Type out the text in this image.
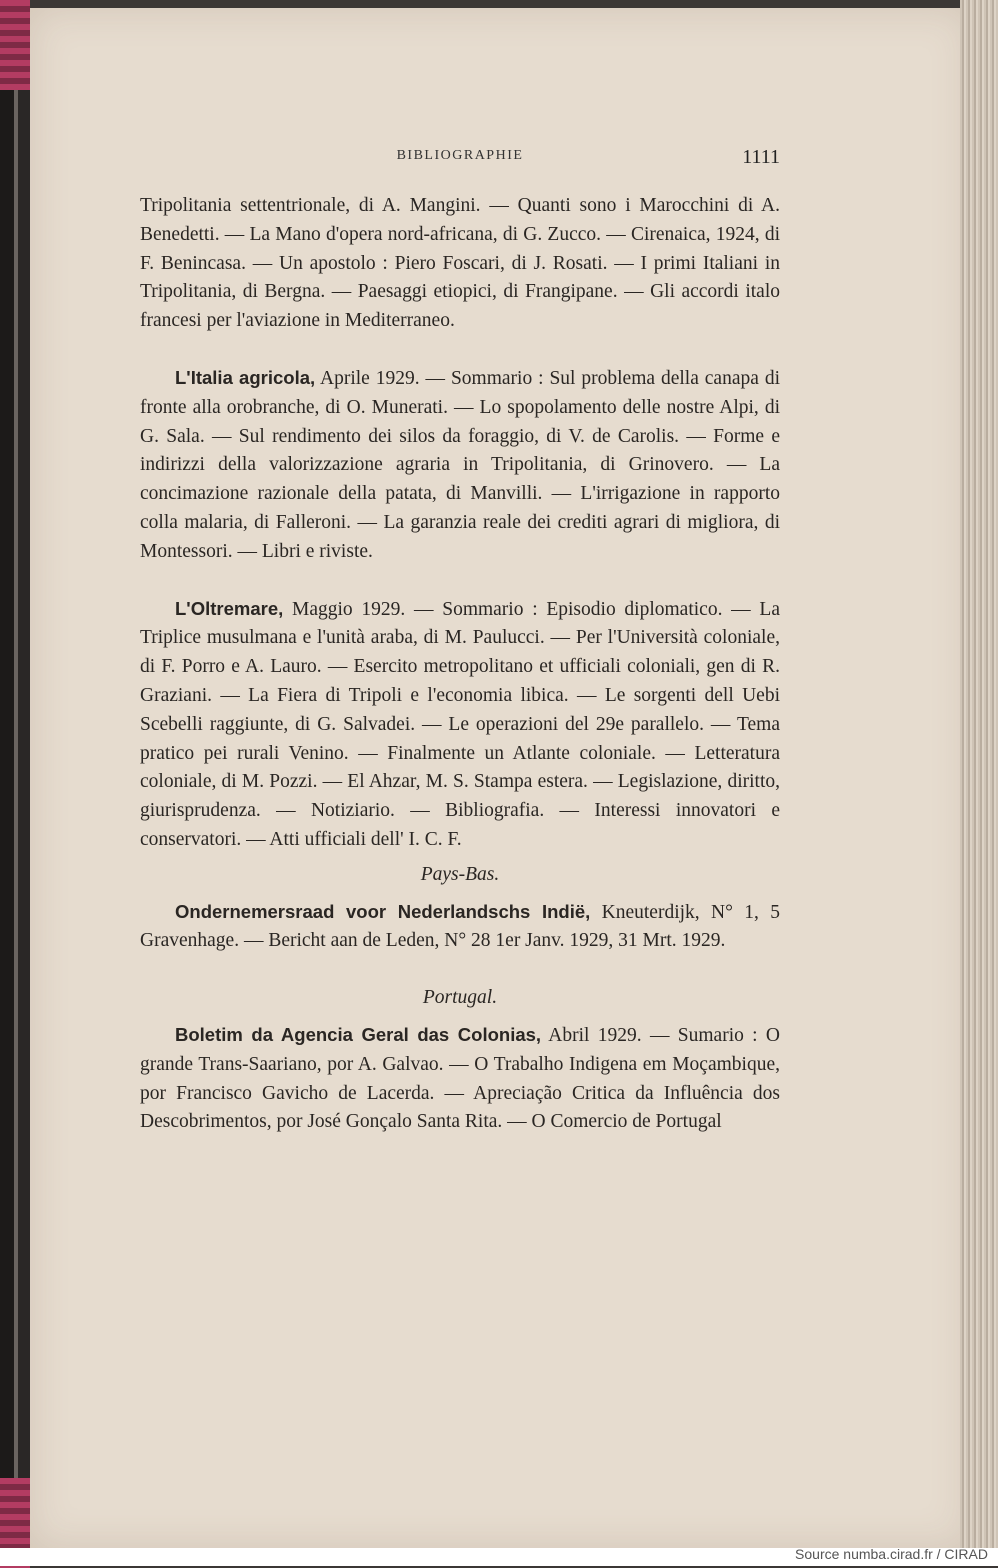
BIBLIOGRAPHIE	1111

Tripolitania settentrionale, di A. Mangini. — Quanti sono i Marocchini di A. Benedetti. — La Mano d'opera nord-africana, di G. Zucco. — Cirenaica, 1924, di F. Benincasa. — Un apostolo : Piero Foscari, di J. Rosati. — I primi Italiani in Tripolitania, di Bergna. — Paesaggi etiopici, di Frangipane. — Gli accordi italo francesi per l'aviazione in Mediterraneo.

L'Italia agricola, Aprile 1929. — Sommario : Sul problema della canapa di fronte alla orobranche, di O. Munerati. — Lo spopolamento delle nostre Alpi, di G. Sala. — Sul rendimento dei silos da foraggio, di V. de Carolis. — Forme e indirizzi della valorizzazione agraria in Tripolitania, di Grinovero. — La concimazione razionale della patata, di Manvilli. — L'irrigazione in rapporto colla malaria, di Falleroni. — La garanzia reale dei crediti agrari di migliora, di Montessori. — Libri e riviste.

L'Oltremare, Maggio 1929. — Sommario : Episodio diplomatico. — La Triplice musulmana e l'unità araba, di M. Paulucci. — Per l'Università coloniale, di F. Porro e A. Lauro. — Esercito metropolitano et ufficiali coloniali, gen di R. Graziani. — La Fiera di Tripoli e l'economia libica. — Le sorgenti dell Uebi Scebelli raggiunte, di G. Salvadei. — Le operazioni del 29e parallelo. — Tema pratico pei rurali Venino. — Finalmente un Atlante coloniale. — Letteratura coloniale, di M. Pozzi. — El Ahzar, M. S. Stampa estera. — Legislazione, diritto, giurisprudenza. — Notiziario. — Bibliografia. — Interessi innovatori e conservatori. — Atti ufficiali dell' I. C. F.

Pays-Bas.

Ondernemersraad voor Nederlandschs Indië, Kneuterdijk, N° 1, 5 Gravenhage. — Bericht aan de Leden, N° 28 1er Janv. 1929, 31 Mrt. 1929.

Portugal.

Boletim da Agencia Geral das Colonias, Abril 1929. — Sumario : O grande Trans-Saariano, por A. Galvao. — O Trabalho Indigena em Moçambique, por Francisco Gavicho de Lacerda. — Apreciação Critica da Influência dos Descobrimentos, por José Gonçalo Santa Rita. — O Comercio de Portugal

Source numba.cirad.fr / CIRAD
